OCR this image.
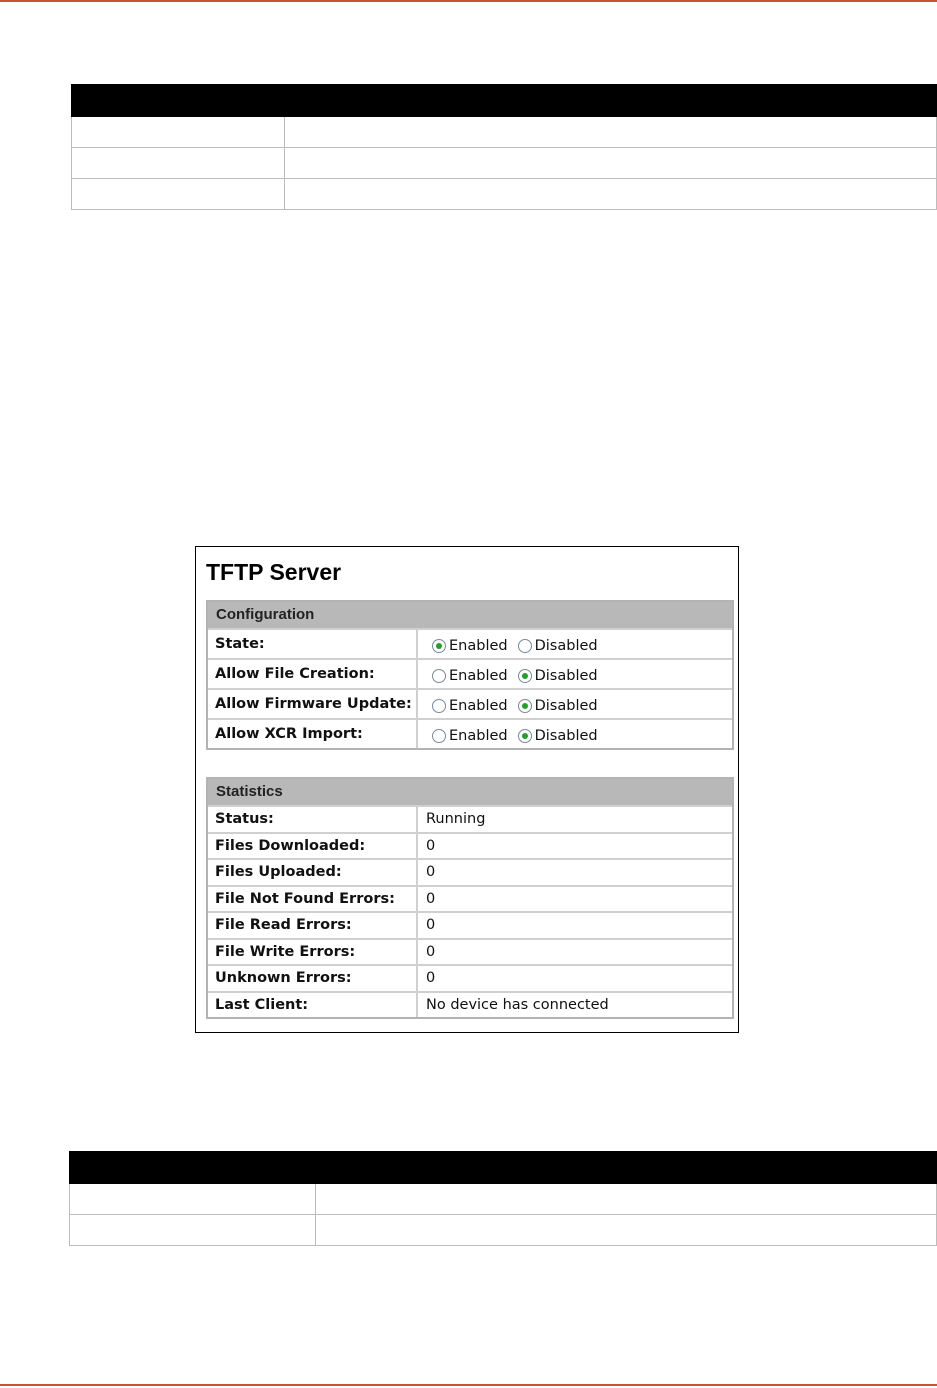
TFTP Server
Configuration
State:	Enabled Disabled
Allow File Creation:	Enabled Disabled
Allow Firmware Update:	Enabled Disabled
Allow XCR Import:	Enabled Disabled
Statistics
Status:	Running
Files Downloaded:	0
Files Uploaded:	0
File Not Found Errors:	0
File Read Errors:	0
File Write Errors:	0
Unknown Errors:	0
Last Client:	No device has connected
